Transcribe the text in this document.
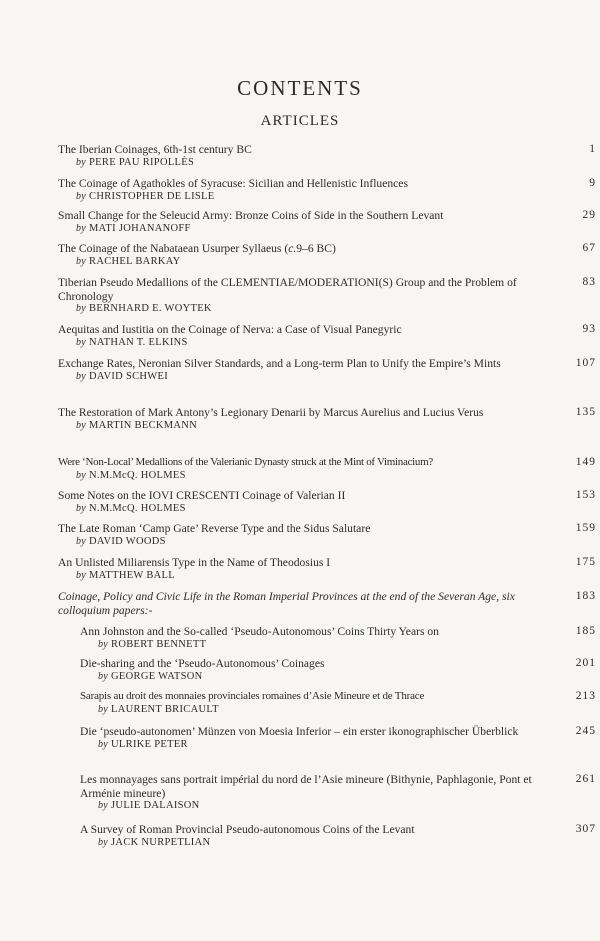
CONTENTS
ARTICLES
The Iberian Coinages, 6th-1st century BC
by PERE PAU RIPOLLÈS
1
The Coinage of Agathokles of Syracuse: Sicilian and Hellenistic Influences
by CHRISTOPHER DE LISLE
9
Small Change for the Seleucid Army: Bronze Coins of Side in the Southern Levant
by MATI JOHANANOFF
29
The Coinage of the Nabataean Usurper Syllaeus (c.9–6 BC)
by RACHEL BARKAY
67
Tiberian Pseudo Medallions of the CLEMENTIAE/MODERATIONI(S) Group and the Problem of Chronology
by BERNHARD E. WOYTEK
83
Aequitas and Iustitia on the Coinage of Nerva: a Case of Visual Panegyric
by NATHAN T. ELKINS
93
Exchange Rates, Neronian Silver Standards, and a Long-term Plan to Unify the Empire’s Mints
by DAVID SCHWEI
107
The Restoration of Mark Antony’s Legionary Denarii by Marcus Aurelius and Lucius Verus
by MARTIN BECKMANN
135
Were ‘Non-Local’ Medallions of the Valerianic Dynasty struck at the Mint of Viminacium?
by N.M.McQ. HOLMES
149
Some Notes on the IOVI CRESCENTI Coinage of Valerian II
by N.M.McQ. HOLMES
153
The Late Roman ‘Camp Gate’ Reverse Type and the Sidus Salutare
by DAVID WOODS
159
An Unlisted Miliarensis Type in the Name of Theodosius I
by MATTHEW BALL
175
Coinage, Policy and Civic Life in the Roman Imperial Provinces at the end of the Severan Age, six colloquium papers:-
183
Ann Johnston and the So-called ‘Pseudo-Autonomous’ Coins Thirty Years on
by ROBERT BENNETT
185
Die-sharing and the ‘Pseudo-Autonomous’ Coinages
by GEORGE WATSON
201
Sarapis au droit des monnaies provinciales romaines d’Asie Mineure et de Thrace
by LAURENT BRICAULT
213
Die ‘pseudo-autonomen’ Münzen von Moesia Inferior – ein erster ikonographischer Überblick
by ULRIKE PETER
245
Les monnayages sans portrait impérial du nord de l’Asie mineure (Bithynie, Paphlagonie, Pont et Arménie mineure)
by JULIE DALAISON
261
A Survey of Roman Provincial Pseudo-autonomous Coins of the Levant
by JACK NURPETLIAN
307
